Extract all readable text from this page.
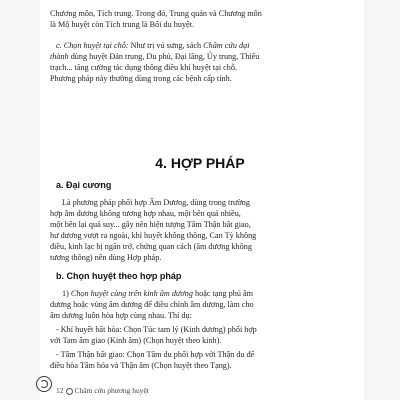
Chương môn, Tích trung. Trong đó, Trung quản và Chương môn
là Mộ huyệt còn Tích trung là Bối du huyệt.
c. Chọn huyệt tại chỗ: Như trị vú sưng, sách Châm cứu đại
thành dùng huyệt Đản trung, Du phủ, Đại lăng, Ủy trung, Thiếu
trạch... tăng cường tác dụng thông điều khí huyệt tại chỗ.
Phương pháp này thường dùng trong các bệnh cấp tính.
4. HỢP PHÁP
a. Đại cương
Là phương pháp phối hợp Âm Dương, dùng trong trường
hợp âm dương không tương hợp nhau, một bên quá nhiều,
một bên lại quá suy... gây nên hiện tượng Tâm Thận bất giao,
hư dương vượt ra ngoài, khí huyết không thông, Can Tỳ không
điều, kinh lạc bị ngăn trở, chứng quan cách (âm dương không
tương thông) nên dùng Hợp pháp.
b. Chọn huyệt theo hợp pháp
1) Chọn huyệt cùng trên kinh âm dương hoặc tạng phủ âm
dương hoặc vùng âm dương để điều chỉnh âm dương, làm cho
âm dương luôn hòa hợp cùng nhau. Thí dụ:
- Khí huyết bất hòa: Chọn Túc tam lý (Kinh dương) phối hợp
với Tam âm giao (Kinh âm) (Chọn huyệt theo kinh).
- Tâm Thận bất giao: Chọn Tâm du phối hợp với Thận du để
điều hòa Tâm hỏa và Thận âm (Chọn huyệt theo Tạng).
12 Châm cứu phương huyệt
